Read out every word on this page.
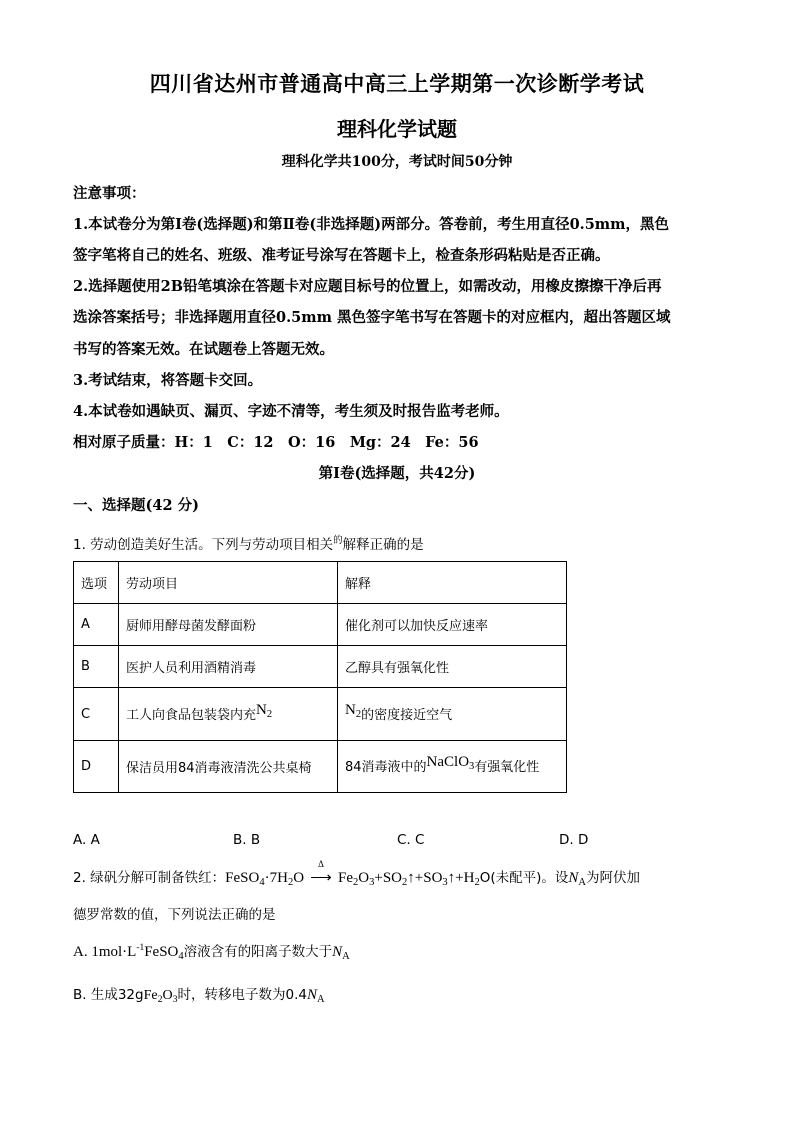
四川省达州市普通高中高三上学期第一次诊断学考试
理科化学试题
理科化学共100分，考试时间50分钟
注意事项：
1.本试卷分为第Ⅰ卷(选择题)和第Ⅱ卷(非选择题)两部分。答卷前，考生用直径0.5mm，黑色
签字笔将自己的姓名、班级、准考证号涂写在答题卡上，检查条形码粘贴是否正确。
2.选择题使用2B铅笔填涂在答题卡对应题目标号的位置上，如需改动，用橡皮擦擦干净后再
选涂答案括号；非选择题用直径0.5mm 黑色签字笔书写在答题卡的对应框内，超出答题区域
书写的答案无效。在试题卷上答题无效。
3.考试结束，将答题卡交回。
4.本试卷如遇缺页、漏页、字迹不清等，考生须及时报告监考老师。
相对原子质量：H：1　C：12　O：16　Mg：24　Fe：56
第Ⅰ卷(选择题，共42分)
一、选择题(42 分)
1. 劳动创造美好生活。下列与劳动项目相关$^的$解释正确的是
选项	劳动项目	解释
A	厨师用酵母菌发酵面粉	催化剂可以加快反应速率
B	医护人员利用酒精消毒	乙醇具有强氧化性
C	工人向食品包装袋内充$N_2$	$N_2$的密度接近空气
D	保洁员用84消毒液清洗公共桌椅	84消毒液中的NaClO$_3$有强氧化性
A. A	B. B	C. C	D. D
2. 绿矾分解可制备铁红：$FeSO_4\cdot 7H_2O$
Δ
⟶ $Fe_2O_3+SO_2↑+SO_3↑+H_2O$(未配平)。设$N_A$为阿伏加
德罗常数的值，下列说法正确的是
A. $1mol\cdot L^{-1}FeSO_4$溶液含有的阳离子数大于$N_A$
B. 生成$32gFe_2O_3$时，转移电子数为$0.4N_A$
